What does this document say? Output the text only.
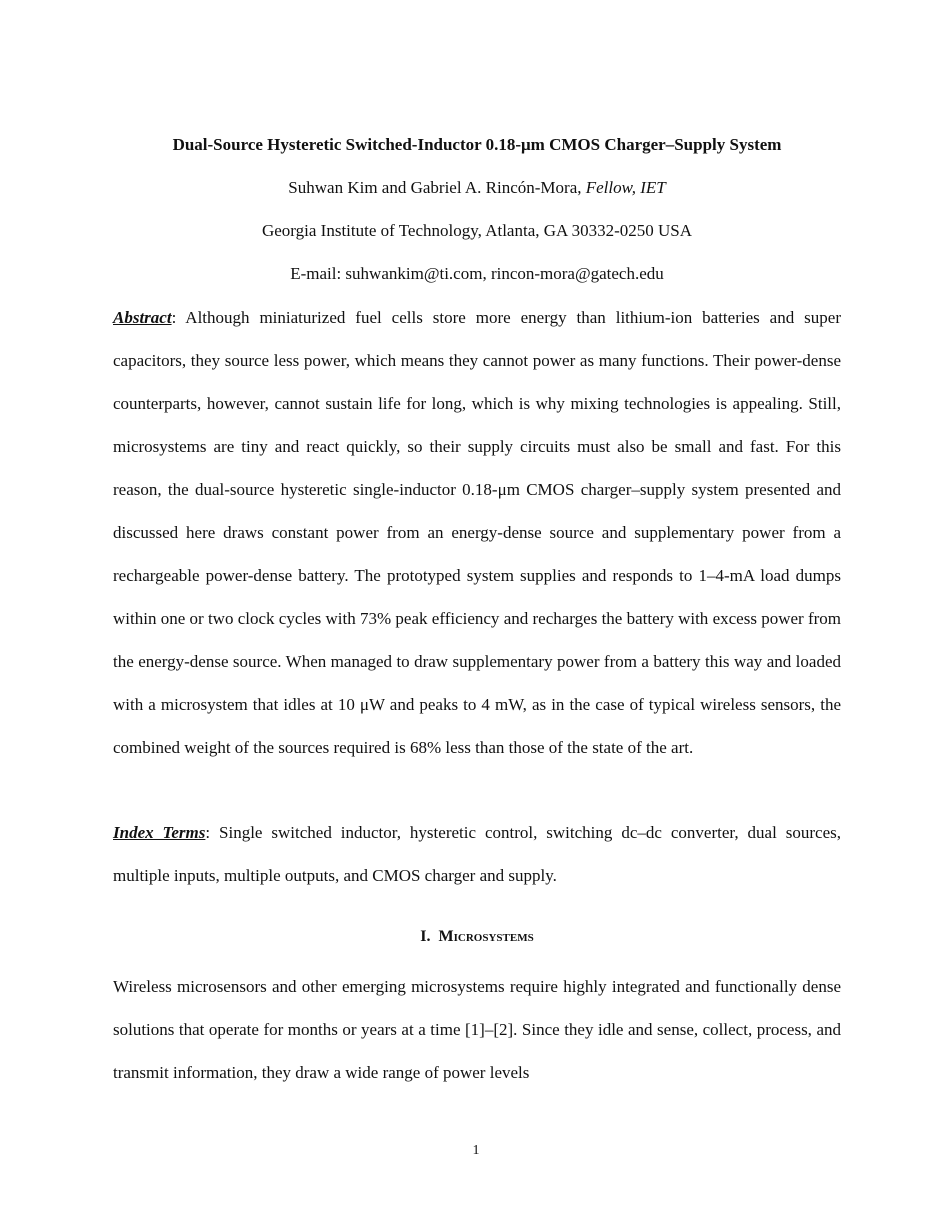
Dual-Source Hysteretic Switched-Inductor 0.18-μm CMOS Charger–Supply System
Suhwan Kim and Gabriel A. Rincón-Mora, Fellow, IET
Georgia Institute of Technology, Atlanta, GA 30332-0250 USA
E-mail: suhwankim@ti.com, rincon-mora@gatech.edu
Abstract: Although miniaturized fuel cells store more energy than lithium-ion batteries and super capacitors, they source less power, which means they cannot power as many functions. Their power-dense counterparts, however, cannot sustain life for long, which is why mixing technologies is appealing. Still, microsystems are tiny and react quickly, so their supply circuits must also be small and fast. For this reason, the dual-source hysteretic single-inductor 0.18-μm CMOS charger–supply system presented and discussed here draws constant power from an energy-dense source and supplementary power from a rechargeable power-dense battery. The prototyped system supplies and responds to 1–4-mA load dumps within one or two clock cycles with 73% peak efficiency and recharges the battery with excess power from the energy-dense source. When managed to draw supplementary power from a battery this way and loaded with a microsystem that idles at 10 μW and peaks to 4 mW, as in the case of typical wireless sensors, the combined weight of the sources required is 68% less than those of the state of the art.
Index Terms: Single switched inductor, hysteretic control, switching dc–dc converter, dual sources, multiple inputs, multiple outputs, and CMOS charger and supply.
I. Microsystems
Wireless microsensors and other emerging microsystems require highly integrated and functionally dense solutions that operate for months or years at a time [1]–[2]. Since they idle and sense, collect, process, and transmit information, they draw a wide range of power levels
1
